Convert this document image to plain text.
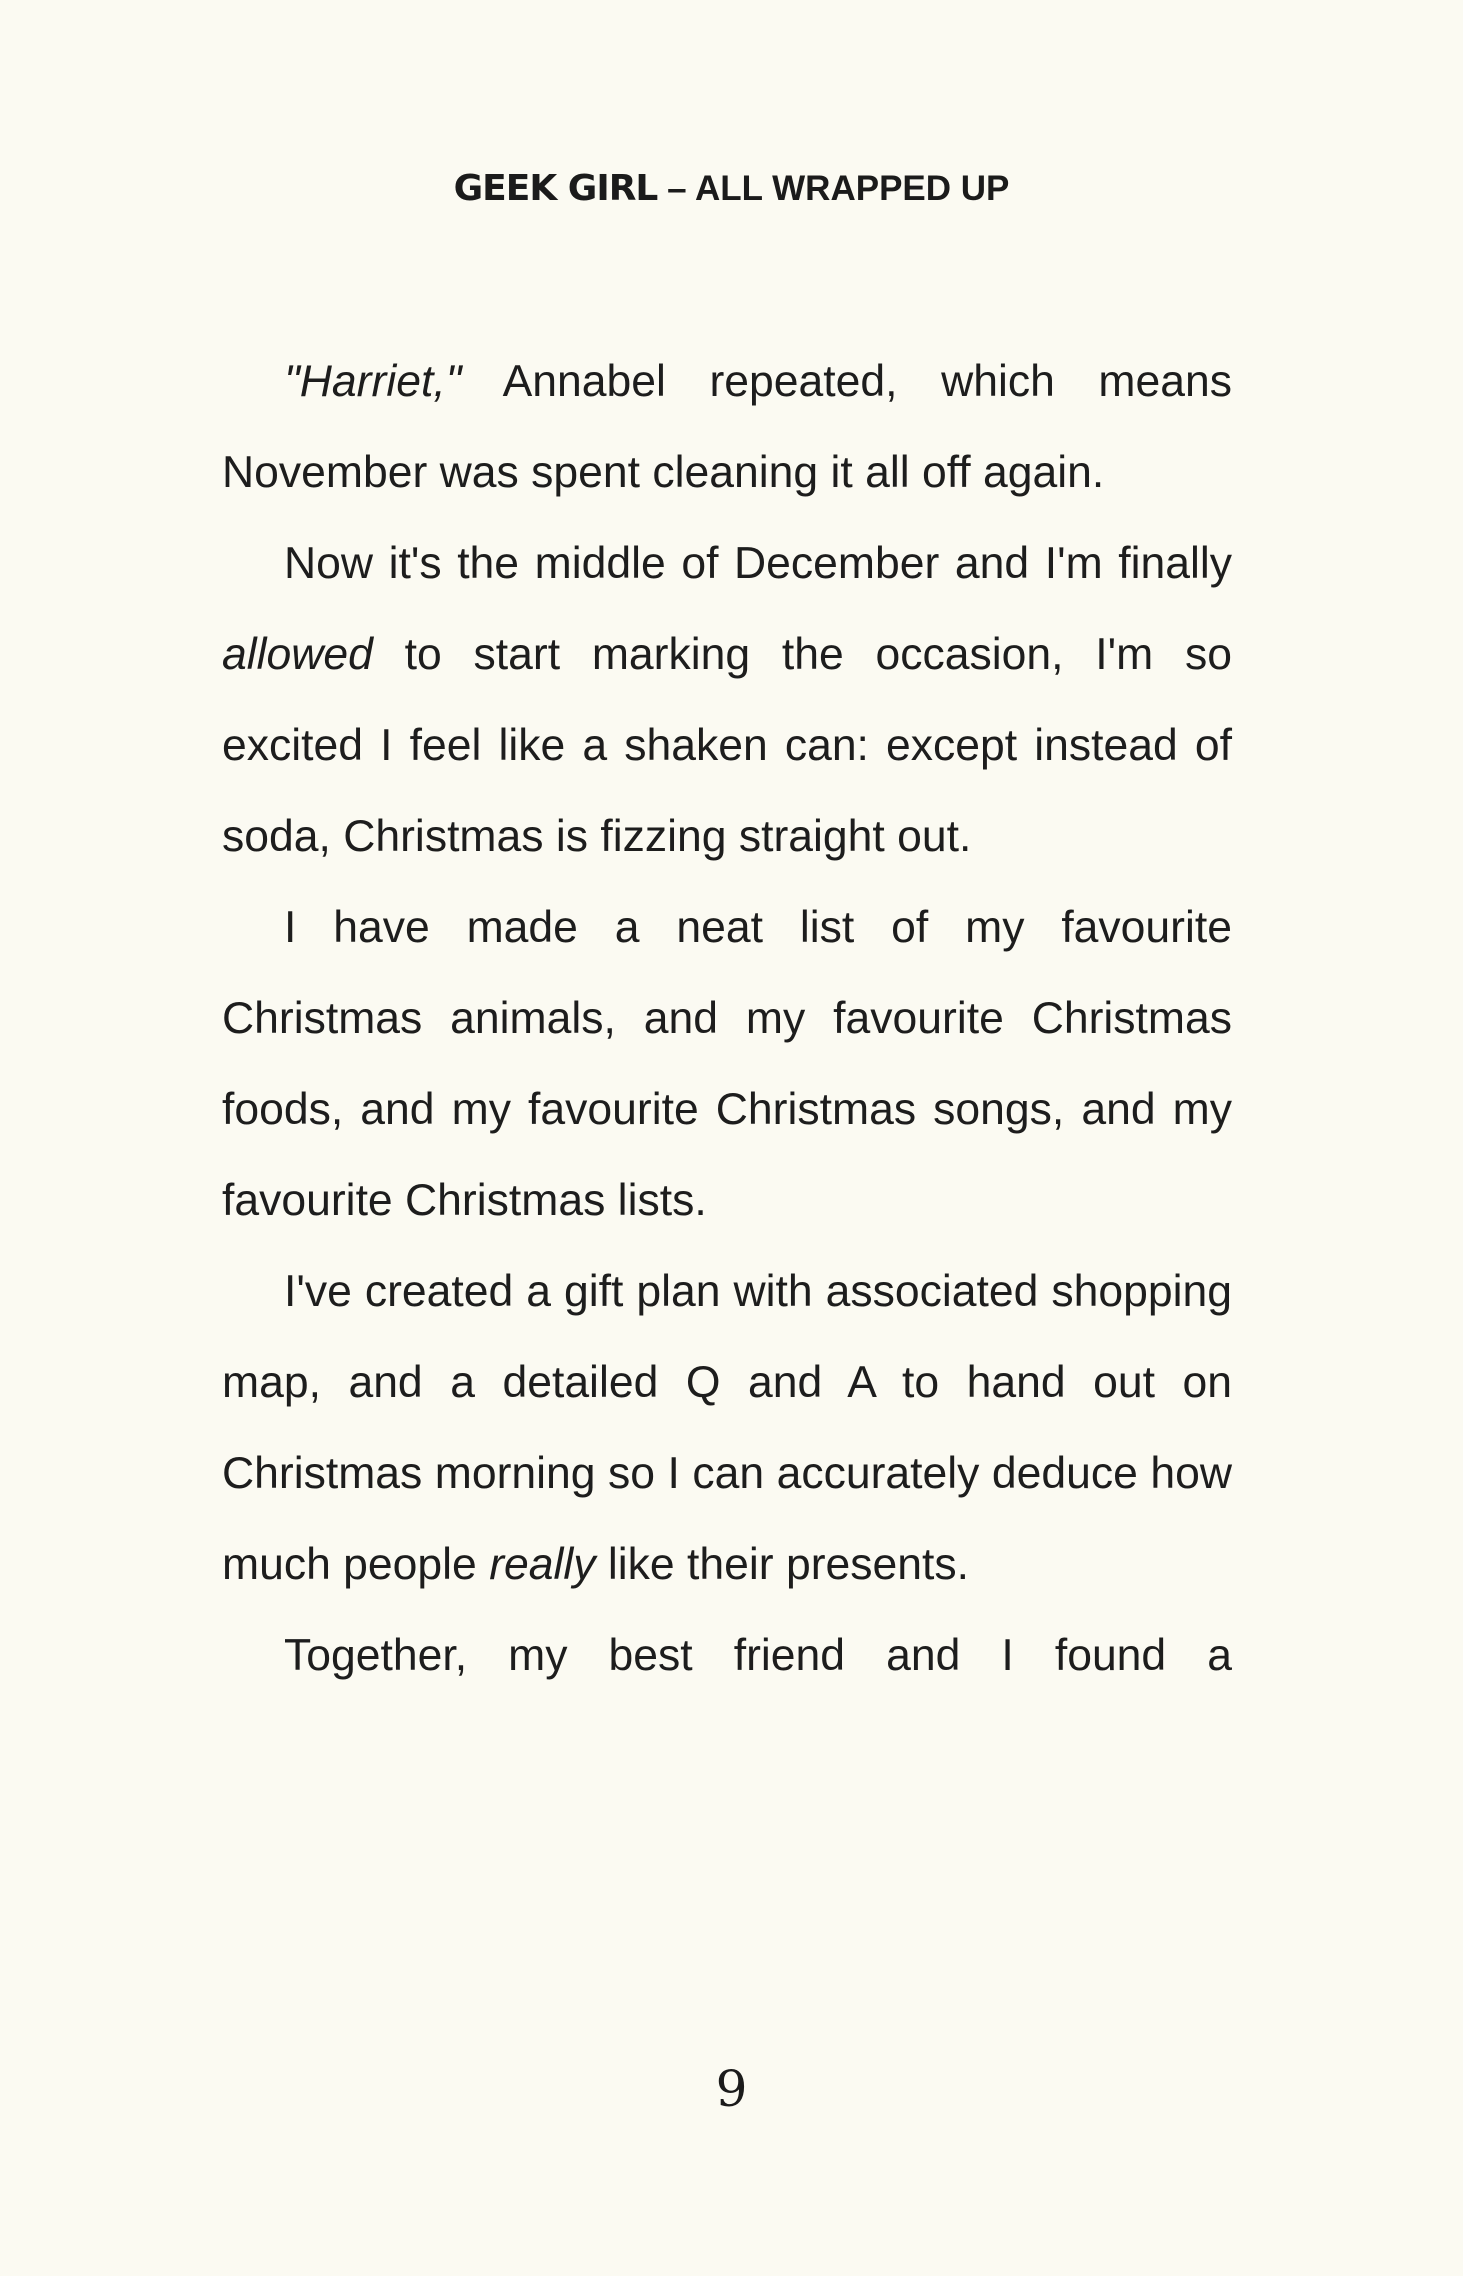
GEEK GIRL – ALL WRAPPED UP

"Harriet," Annabel repeated, which means November was spent cleaning it all off again.

Now it's the middle of December and I'm finally allowed to start marking the occasion, I'm so excited I feel like a shaken can: except instead of soda, Christmas is fizzing straight out.

I have made a neat list of my favourite Christmas animals, and my favourite Christmas foods, and my favourite Christmas songs, and my favourite Christmas lists.

I've created a gift plan with associated shopping map, and a detailed Q and A to hand out on Christmas morning so I can accurately deduce how much people really like their presents.

Together, my best friend and I found a

9
